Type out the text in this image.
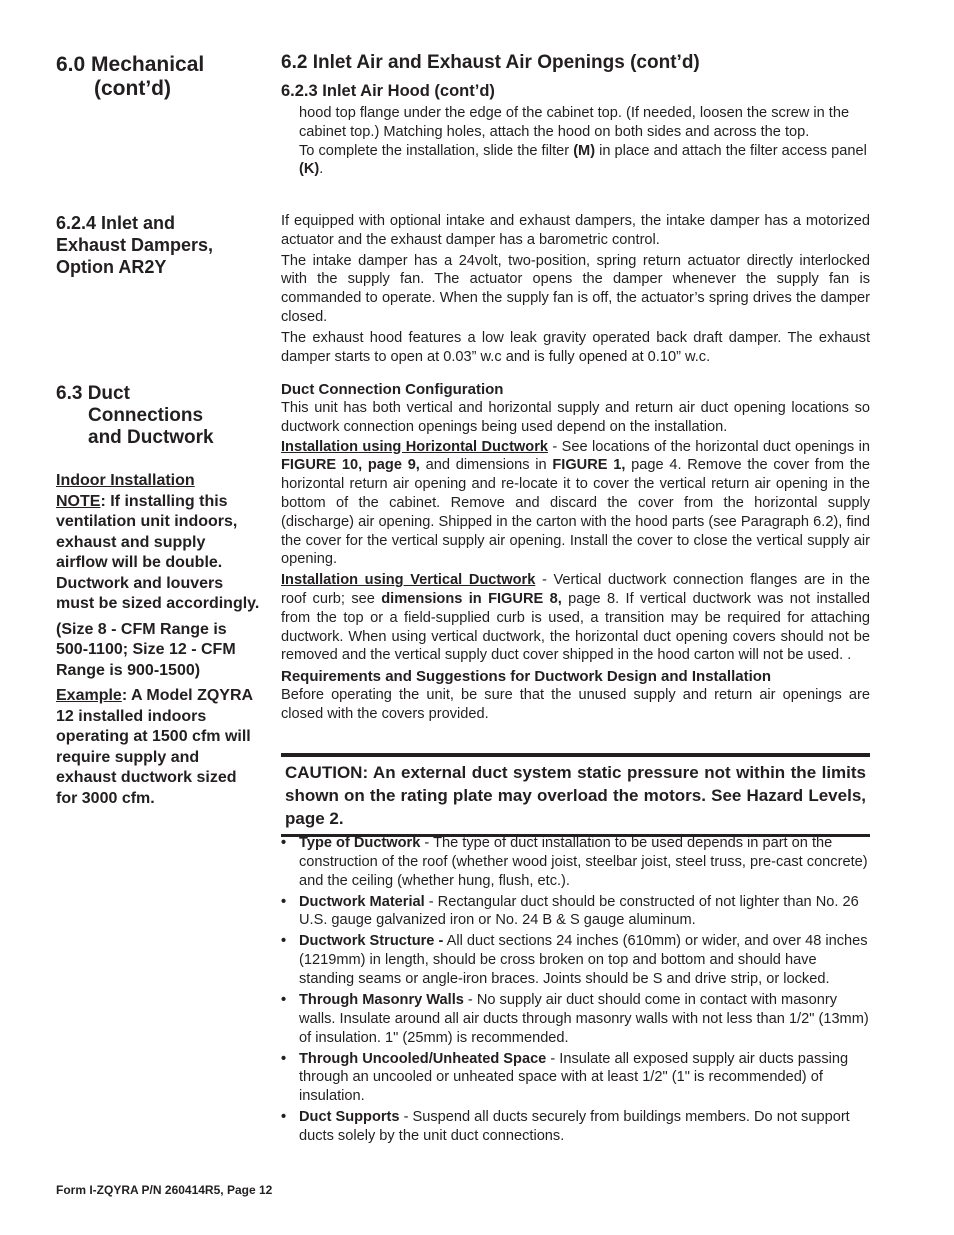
6.0 Mechanical
(cont’d)
6.2.4 Inlet and
Exhaust Dampers,
Option AR2Y
6.3 Duct
Connections
and Ductwork
Indoor Installation
NOTE: If installing this ventilation unit indoors, exhaust and supply airflow will be double. Ductwork and louvers must be sized accordingly.
(Size 8 - CFM Range is 500-1100; Size 12 - CFM Range is 900-1500)
Example: A Model ZQYRA 12 installed indoors operating at 1500 cfm will require supply and exhaust ductwork sized for 3000 cfm.
6.2 Inlet Air and Exhaust Air Openings (cont’d)
6.2.3 Inlet Air Hood (cont’d)
hood top flange under the edge of the cabinet top. (If needed, loosen the screw in the cabinet top.) Matching holes, attach the hood on both sides and across the top.
To complete the installation, slide the filter (M) in place and attach the filter access panel (K).
If equipped with optional intake and exhaust dampers, the intake damper has a motorized actuator and the exhaust damper has a barometric control.
The intake damper has a 24volt, two-position, spring return actuator directly interlocked with the supply fan. The actuator opens the damper whenever the supply fan is commanded to operate. When the supply fan is off, the actuator’s spring drives the damper closed.
The exhaust hood features a low leak gravity operated back draft damper. The exhaust damper starts to open at 0.03” w.c and is fully opened at 0.10” w.c.
Duct Connection Configuration
This unit has both vertical and horizontal supply and return air duct opening locations so ductwork connection openings being used depend on the installation.
Installation using Horizontal Ductwork - See locations of the horizontal duct openings in FIGURE 10, page 9, and dimensions in FIGURE 1, page 4. Remove the cover from the horizontal return air opening and re-locate it to cover the vertical return air opening in the bottom of the cabinet. Remove and discard the cover from the horizontal supply (discharge) air opening. Shipped in the carton with the hood parts (see Paragraph 6.2), find the cover for the vertical supply air opening. Install the cover to close the vertical supply air opening.
Installation using Vertical Ductwork - Vertical ductwork connection flanges are in the roof curb; see dimensions in FIGURE 8, page 8. If vertical ductwork was not installed from the top or a field-supplied curb is used, a transition may be required for attaching ductwork. When using vertical ductwork, the horizontal duct opening covers should not be removed and the vertical supply duct cover shipped in the hood carton will not be used. .
Requirements and Suggestions for Ductwork Design and Installation
Before operating the unit, be sure that the unused supply and return air openings are closed with the covers provided.
CAUTION: An external duct system static pressure not within the limits shown on the rating plate may overload the motors. See Hazard Levels, page 2.
• Type of Ductwork - The type of duct installation to be used depends in part on the construction of the roof (whether wood joist, steelbar joist, steel truss, pre-cast concrete) and the ceiling (whether hung, flush, etc.).
• Ductwork Material - Rectangular duct should be constructed of not lighter than No. 26 U.S. gauge galvanized iron or No. 24 B & S gauge aluminum.
• Ductwork Structure - All duct sections 24 inches (610mm) or wider, and over 48 inches (1219mm) in length, should be cross broken on top and bottom and should have standing seams or angle-iron braces. Joints should be S and drive strip, or locked.
• Through Masonry Walls - No supply air duct should come in contact with masonry walls. Insulate around all air ducts through masonry walls with not less than 1/2" (13mm) of insulation. 1" (25mm) is recommended.
• Through Uncooled/Unheated Space - Insulate all exposed supply air ducts passing through an uncooled or unheated space with at least 1/2" (1" is recommended) of insulation.
• Duct Supports - Suspend all ducts securely from buildings members. Do not support ducts solely by the unit duct connections.
Form I-ZQYRA P/N 260414R5, Page 12
